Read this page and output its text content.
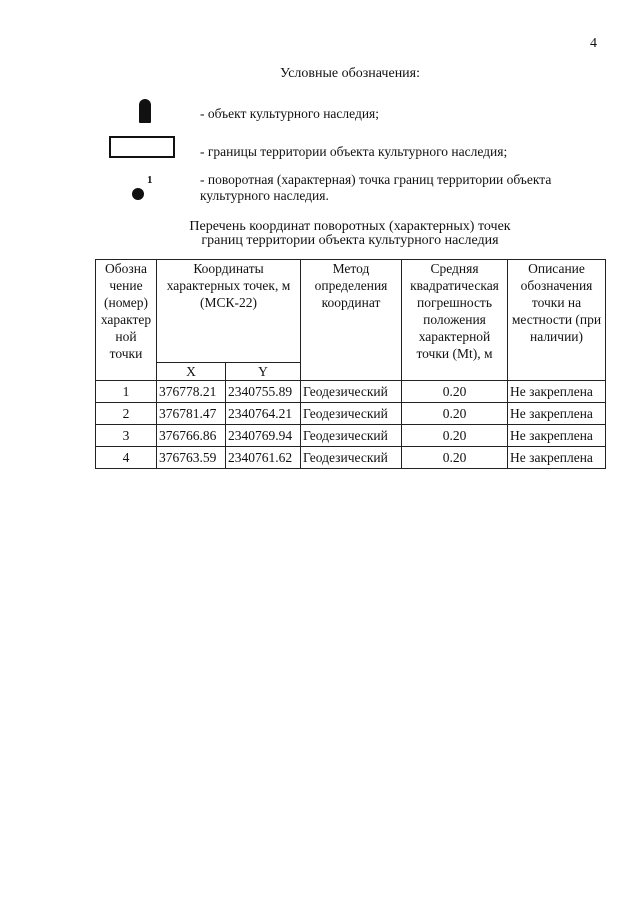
4
Условные обозначения:
- объект культурного наследия;
- границы территории объекта культурного наследия;
1	- поворотная (характерная) точка границ территории объекта культурного наследия.
Перечень координат поворотных (характерных) точек
границ территории объекта культурного наследия
Обозна чение (номер) характер ной точки	Координаты характерных точек, м (МСК-22)		Метод определения координат	Средняя квадратическая погрешность положения характерной точки (Mt), м	Описание обозначения точки на местности (при наличии)
	X	Y			
1	376778.21	2340755.89	Геодезический	0.20	Не закреплена
2	376781.47	2340764.21	Геодезический	0.20	Не закреплена
3	376766.86	2340769.94	Геодезический	0.20	Не закреплена
4	376763.59	2340761.62	Геодезический	0.20	Не закреплена
